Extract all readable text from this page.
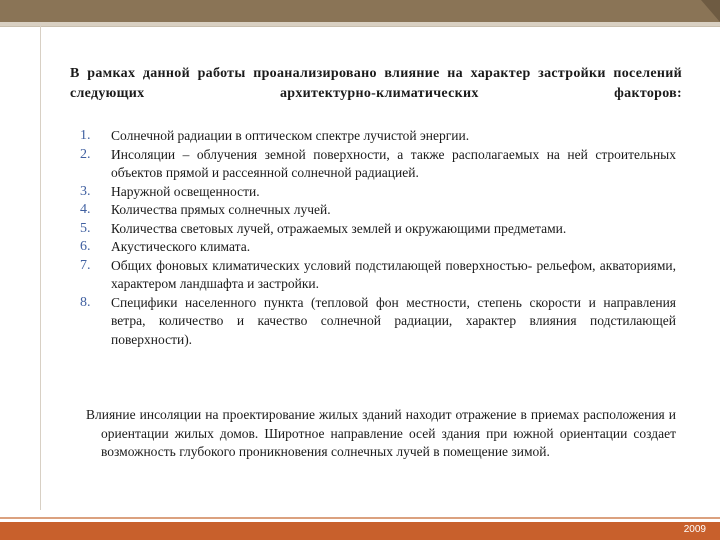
В рамках данной работы проанализировано влияние на характер застройки поселений следующих архитектурно-климатических факторов:

1.	Солнечной радиации в оптическом спектре лучистой энергии.
2.	Инсоляции – облучения земной поверхности, а также располагаемых на ней строительных объектов прямой и рассеянной солнечной радиацией.
3.	Наружной освещенности.
4.	Количества прямых солнечных лучей.
5.	Количества световых лучей, отражаемых землей и окружающими предметами.
6.	Акустического климата.
7.	Общих фоновых климатических условий подстилающей поверхностью- рельефом, акваториями, характером ландшафта и застройки.
8.	Специфики населенного пункта (тепловой фон местности, степень скорости и направления ветра, количество и качество солнечной радиации, характер влияния подстилающей поверхности).

Влияние инсоляции на проектирование жилых зданий находит отражение в приемах расположения и ориентации жилых домов. Широтное направление осей здания при южной ориентации создает возможность глубокого проникновения солнечных лучей в помещение зимой.

2009
